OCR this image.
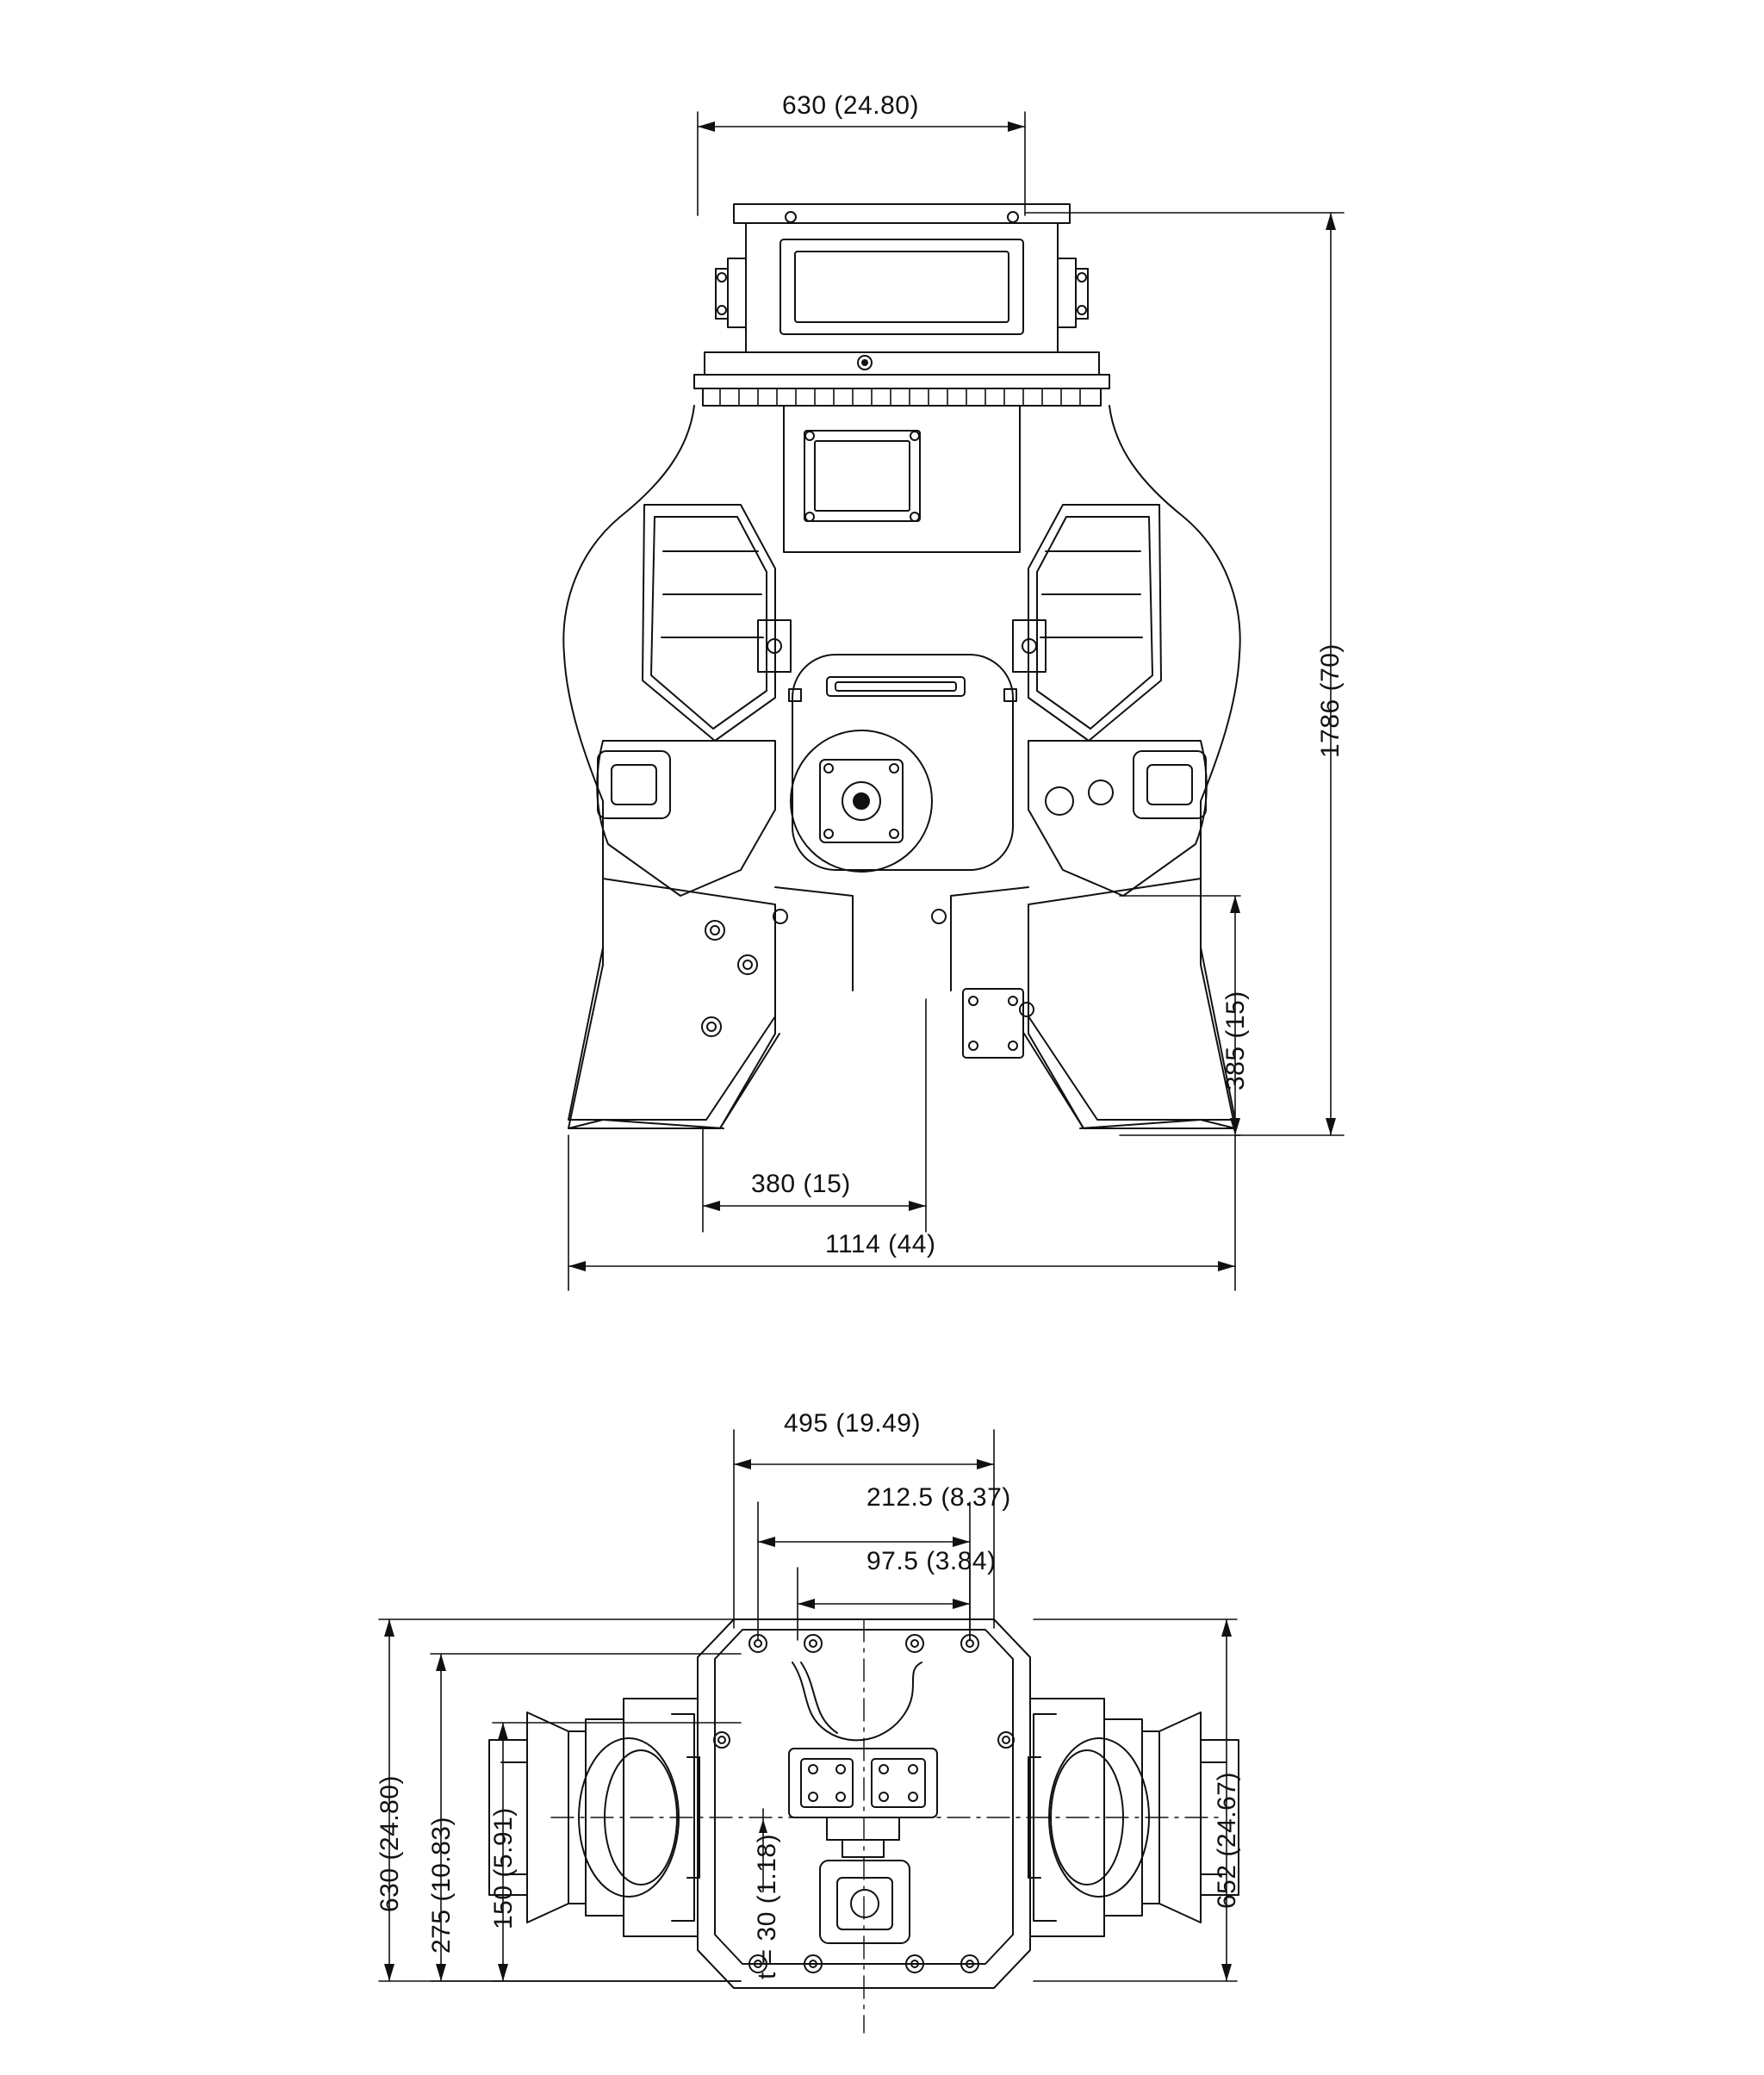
630 (24.80)
1786 (70)
385 (15)
380 (15)
1114 (44)
495 (19.49)
212.5 (8.37)
97.5 (3.84)
630 (24.80) 275 (10.83) 150 (5.91)	t = 30 (1.18)	652 (24.67)
